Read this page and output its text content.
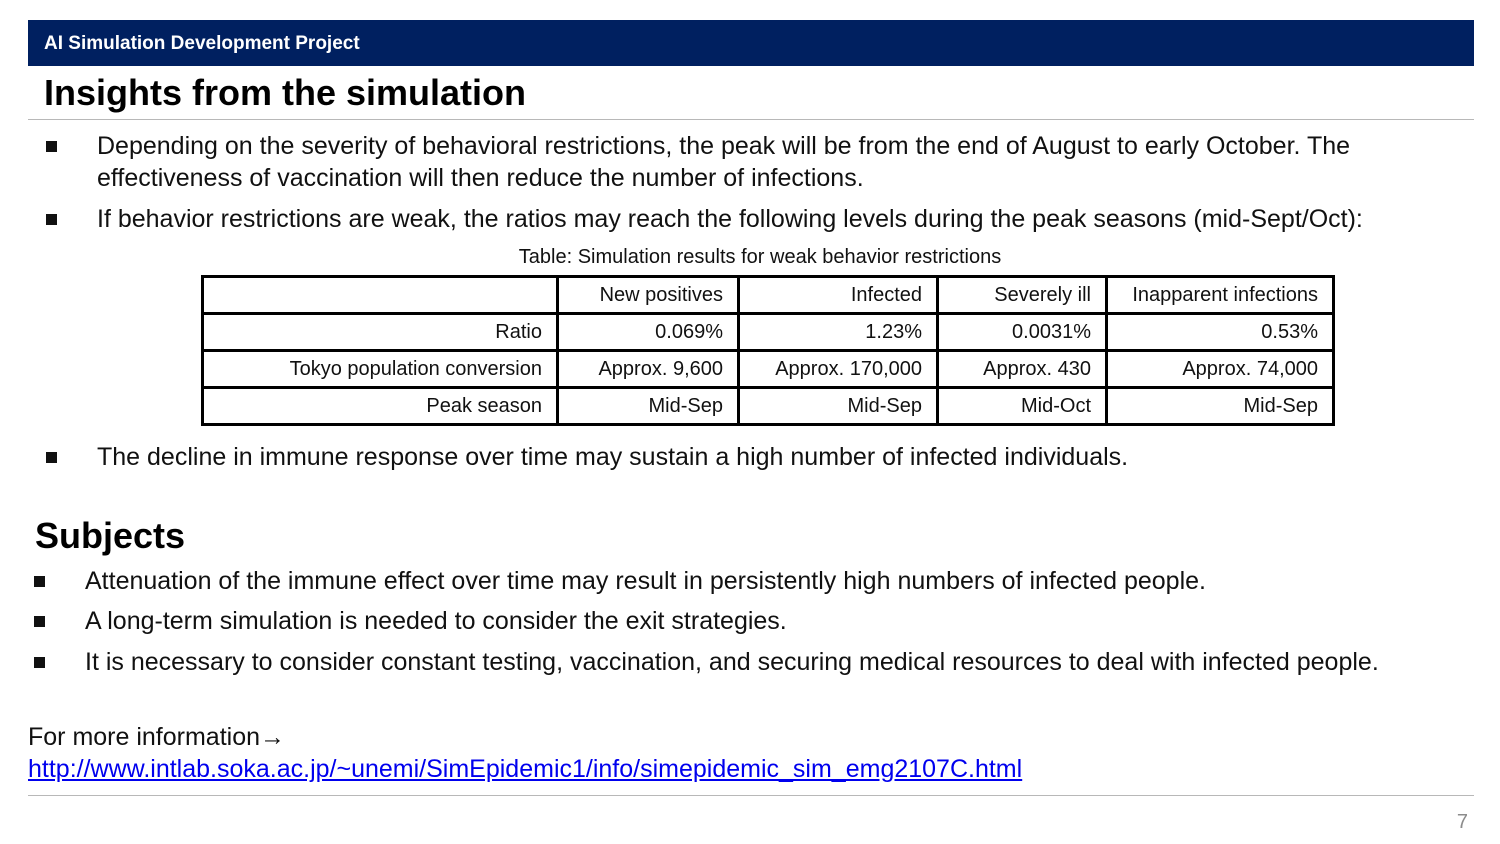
AI Simulation Development Project
Insights from the simulation
Depending on the severity of behavioral restrictions, the peak will be from the end of August to early October. The effectiveness of vaccination will then reduce the number of infections.
If behavior restrictions are weak, the ratios may reach the following levels during the peak seasons (mid-Sept/Oct):
Table: Simulation results for weak behavior restrictions
	New positives	Infected	Severely ill	Inapparent infections
Ratio	0.069%	1.23%	0.0031%	0.53%
Tokyo population conversion	Approx. 9,600	Approx. 170,000	Approx. 430	Approx. 74,000
Peak season	Mid-Sep	Mid-Sep	Mid-Oct	Mid-Sep
The decline in immune response over time may sustain a high number of infected individuals.
Subjects
Attenuation of the immune effect over time may result in persistently high numbers of infected people.
A long-term simulation is needed to consider the exit strategies.
It is necessary to consider constant testing, vaccination, and securing medical resources to deal with infected people.
For more information→
http://www.intlab.soka.ac.jp/~unemi/SimEpidemic1/info/simepidemic_sim_emg2107C.html
7
